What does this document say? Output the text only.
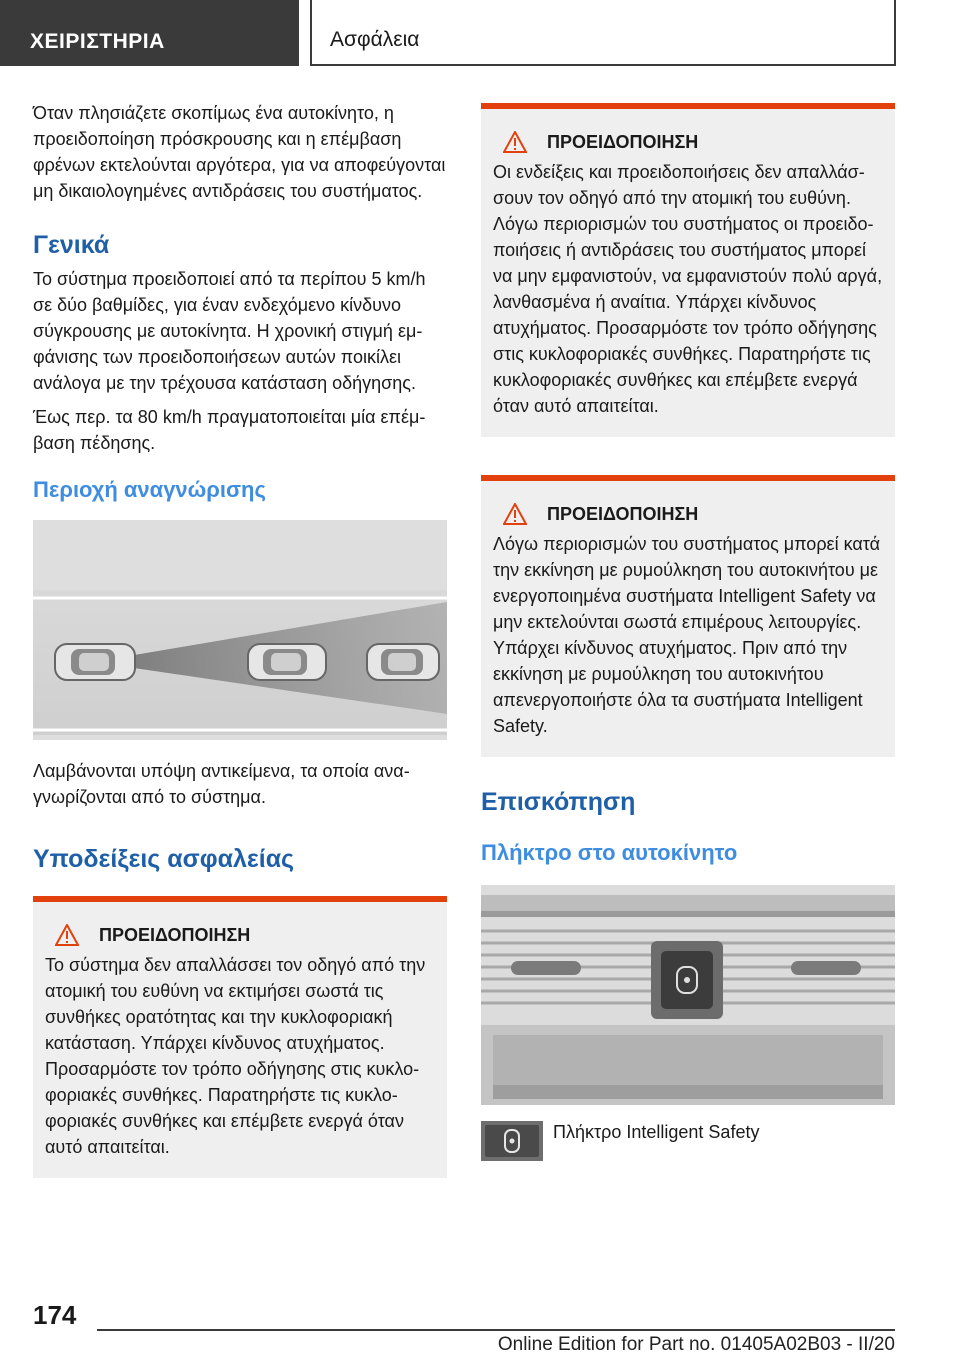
ΧΕΙΡΙΣΤΗΡΙΑ	Ασφάλεια

Όταν πλησιάζετε σκοπίμως ένα αυτοκίνητο, η προειδοποίηση πρόσκρουσης και η επέμβαση φρένων εκτελούνται αργότερα, για να αποφεύγονται μη δικαιολογημένες αντιδράσεις του συστήματος.

Γενικά

Το σύστημα προειδοποιεί από τα περίπου 5 km/h σε δύο βαθμίδες, για έναν ενδεχόμενο κίνδυνο σύγκρουσης με αυτοκίνητα. Η χρονική στιγμή εμφάνισης των προειδοποιήσεων αυτών ποικίλει ανάλογα με την τρέχουσα κατάσταση οδήγησης.

Έως περ. τα 80 km/h πραγματοποιείται μία επέμβαση πέδησης.

Περιοχή αναγνώρισης

Λαμβάνονται υπόψη αντικείμενα, τα οποία αναγνωρίζονται από το σύστημα.

Υποδείξεις ασφαλείας
ΠΡΟΕΙΔΟΠΟΙΗΣΗ

Το σύστημα δεν απαλλάσσει τον οδηγό από την ατομική του ευθύνη να εκτιμήσει σωστά τις συνθήκες ορατότητας και την κυκλοφοριακή κατάσταση. Υπάρχει κίνδυνος ατυχήματος. Προσαρμόστε τον τρόπο οδήγησης στις κυκλοφοριακές συνθήκες. Παρατηρήστε τις κυκλοφοριακές συνθήκες και επέμβετε ενεργά όταν αυτό απαιτείται.

ΠΡΟΕΙΔΟΠΟΙΗΣΗ

Οι ενδείξεις και προειδοποιήσεις δεν απαλλάσσουν τον οδηγό από την ατομική του ευθύνη. Λόγω περιορισμών του συστήματος οι προειδοποιήσεις ή αντιδράσεις του συστήματος μπορεί να μην εμφανιστούν, να εμφανιστούν πολύ αργά, λανθασμένα ή αναίτια. Υπάρχει κίνδυνος ατυχήματος. Προσαρμόστε τον τρόπο οδήγησης στις κυκλοφοριακές συνθήκες. Παρατηρήστε τις κυκλοφοριακές συνθήκες και επέμβετε ενεργά όταν αυτό απαιτείται.

ΠΡΟΕΙΔΟΠΟΙΗΣΗ

Λόγω περιορισμών του συστήματος μπορεί κατά την εκκίνηση με ρυμούλκηση του αυτοκινήτου με ενεργοποιημένα συστήματα Intelligent Safety να μην εκτελούνται σωστά επιμέρους λειτουργίες. Υπάρχει κίνδυνος ατυχήματος. Πριν από την εκκίνηση με ρυμούλκηση του αυτοκινήτου απενεργοποιήστε όλα τα συστήματα Intelligent Safety.

Επισκόπηση
Πλήκτρο στο αυτοκίνητο
Πλήκτρο Intelligent Safety
174
Online Edition for Part no. 01405A02B03 - II/20
